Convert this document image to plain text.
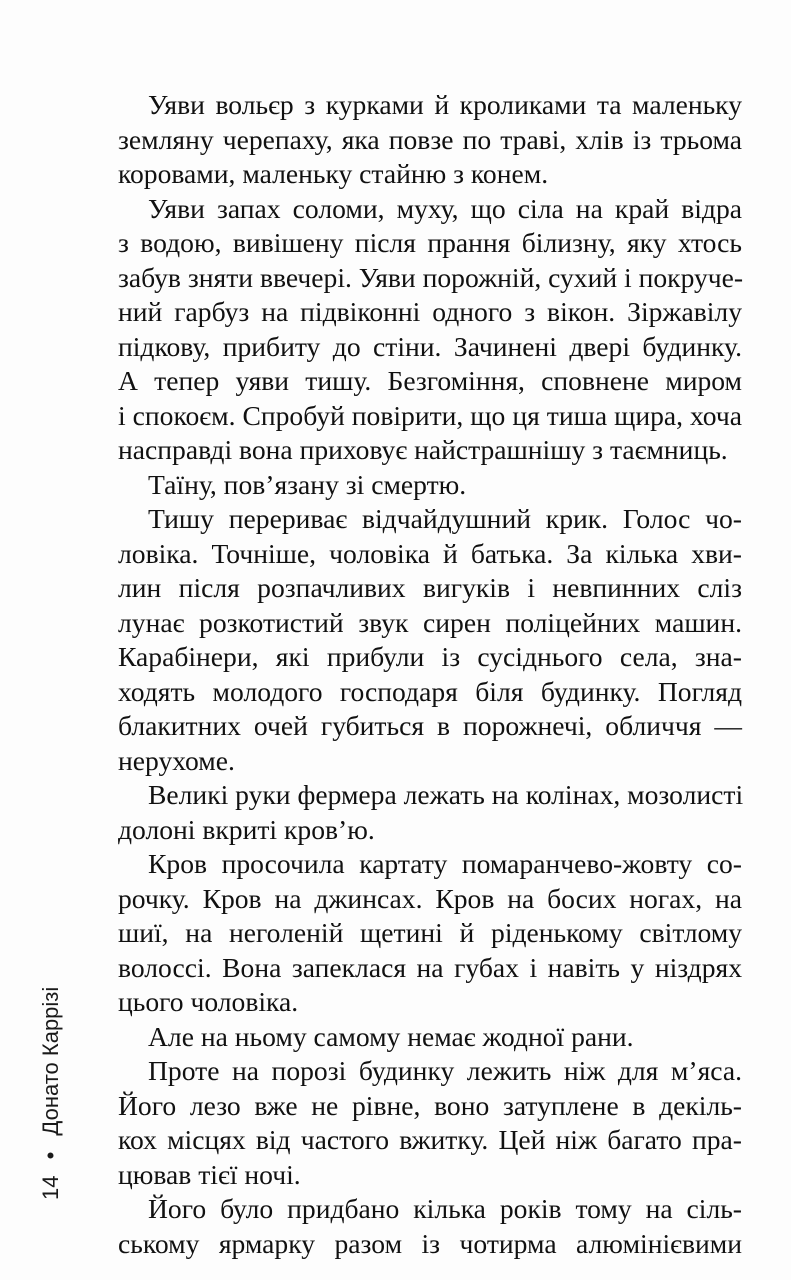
Уяви вольєр з курками й кроликами та маленьку
земляну черепаху, яка повзе по траві, хлів із трьома
коровами, маленьку стайню з конем.
Уяви запах соломи, муху, що сіла на край відра
з водою, вивішену після прання білизну, яку хтось
забув зняти ввечері. Уяви порожній, сухий і покруче-
ний гарбуз на підвіконні одного з вікон. Зіржавілу
підкову, прибиту до стіни. Зачинені двері будинку.
А тепер уяви тишу. Безгоміння, сповнене миром
і спокоєм. Спробуй повірити, що ця тиша щира, хоча
насправді вона приховує найстрашнішу з таємниць.
Таїну, пов’язану зі смертю.
Тишу перериває відчайдушний крик. Голос чо-
ловіка. Точніше, чоловіка й батька. За кілька хви-
лин після розпачливих вигуків і невпинних сліз
лунає розкотистий звук сирен поліцейних машин.
Карабінери, які прибули із сусіднього села, зна-
ходять молодого господаря біля будинку. Погляд
блакитних очей губиться в порожнечі, обличчя —
нерухоме.
Великі руки фермера лежать на колінах, мозолисті
долоні вкриті кров’ю.
Кров просочила картату помаранчево-жовту со-
рочку. Кров на джинсах. Кров на босих ногах, на
шиї, на неголеній щетині й ріденькому світлому
волоссі. Вона запеклася на губах і навіть у ніздрях
цього чоловіка.
Але на ньому самому немає жодної рани.
Проте на порозі будинку лежить ніж для м’яса.
Його лезо вже не рівне, воно затуплене в декіль-
кох місцях від частого вжитку. Цей ніж багато пра-
цював тієї ночі.
Його було придбано кілька років тому на сіль-
ському ярмарку разом із чотирма алюмінієвими
14 • Донато Каррізі
